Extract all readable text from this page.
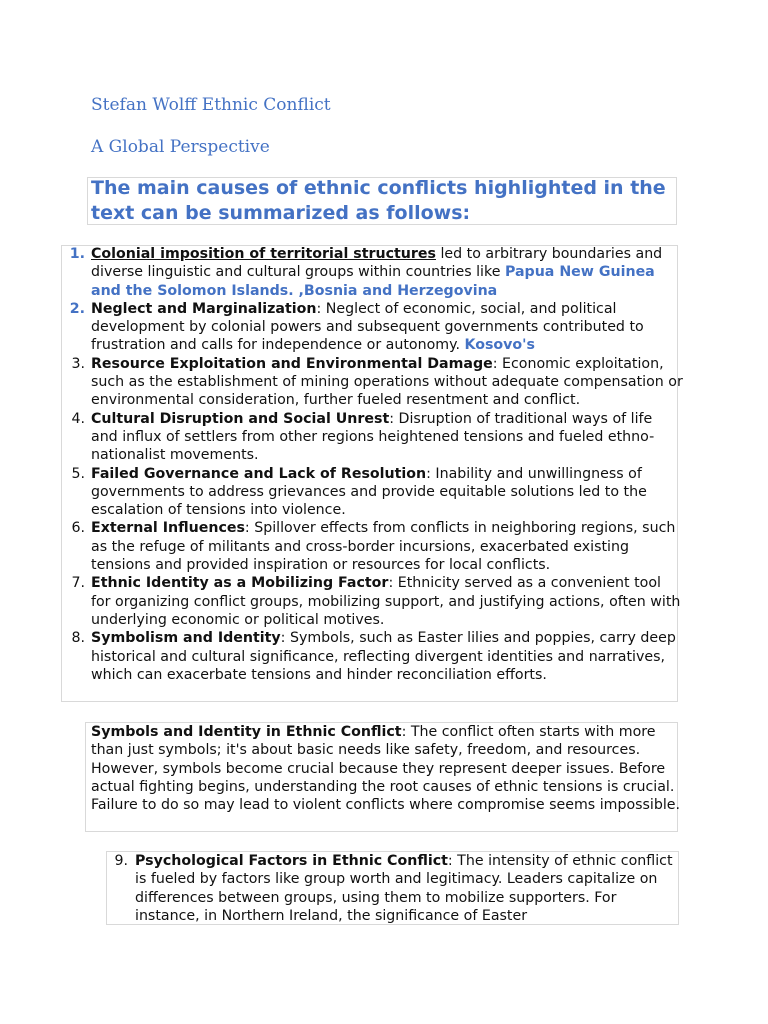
Stefan Wolff Ethnic Conflict
A Global Perspective
The main causes of ethnic conflicts highlighted in the text can be summarized as follows:
1. Colonial imposition of territorial structures led to arbitrary boundaries and diverse linguistic and cultural groups within countries like Papua New Guinea and the Solomon Islands. ,Bosnia and Herzegovina
2. Neglect and Marginalization: Neglect of economic, social, and political development by colonial powers and subsequent governments contributed to frustration and calls for independence or autonomy. Kosovo's
3. Resource Exploitation and Environmental Damage: Economic exploitation, such as the establishment of mining operations without adequate compensation or environmental consideration, further fueled resentment and conflict.
4. Cultural Disruption and Social Unrest: Disruption of traditional ways of life and influx of settlers from other regions heightened tensions and fueled ethno-nationalist movements.
5. Failed Governance and Lack of Resolution: Inability and unwillingness of governments to address grievances and provide equitable solutions led to the escalation of tensions into violence.
6. External Influences: Spillover effects from conflicts in neighboring regions, such as the refuge of militants and cross-border incursions, exacerbated existing tensions and provided inspiration or resources for local conflicts.
7. Ethnic Identity as a Mobilizing Factor: Ethnicity served as a convenient tool for organizing conflict groups, mobilizing support, and justifying actions, often with underlying economic or political motives.
8. Symbolism and Identity: Symbols, such as Easter lilies and poppies, carry deep historical and cultural significance, reflecting divergent identities and narratives, which can exacerbate tensions and hinder reconciliation efforts.

Symbols and Identity in Ethnic Conflict: The conflict often starts with more than just symbols; it's about basic needs like safety, freedom, and resources. However, symbols become crucial because they represent deeper issues. Before actual fighting begins, understanding the root causes of ethnic tensions is crucial. Failure to do so may lead to violent conflicts where compromise seems impossible.

9. Psychological Factors in Ethnic Conflict: The intensity of ethnic conflict is fueled by factors like group worth and legitimacy. Leaders capitalize on differences between groups, using them to mobilize supporters. For instance, in Northern Ireland, the significance of Easter
